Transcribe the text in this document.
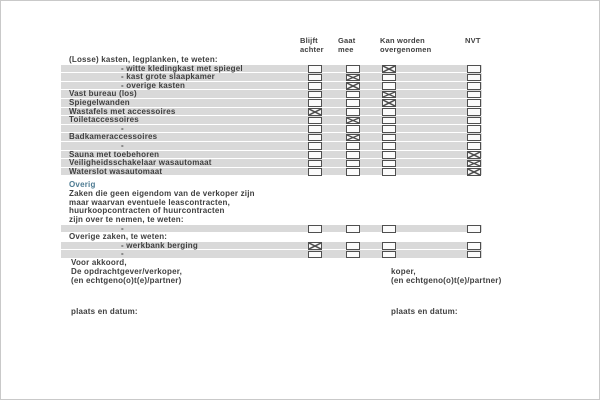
Blijft
achter
Gaat
mee
Kan worden
overgenomen
NVT
(Losse) kasten, legplanken, te weten:
- witte kledingkast met spiegel
- kast grote slaapkamer
- overige kasten
Vast bureau (los)
Spiegelwanden
Wastafels met accessoires
Toiletaccessoires
-
Badkameraccessoires
-
Sauna met toebehoren
Veiligheidsschakelaar wasautomaat
Waterslot wasautomaat
Overig
Zaken die geen eigendom van de verkoper zijn
maar waarvan eventuele leascontracten,
huurkoopcontracten of huurcontracten
zijn over te nemen, te weten:
-
Overige zaken, te weten:
- werkbank berging
-
Voor akkoord,
De opdrachtgever/verkoper,
(en echtgeno(o)t(e)/partner)
koper,
(en echtgeno(o)t(e)/partner)
plaats en datum:	plaats en datum:
